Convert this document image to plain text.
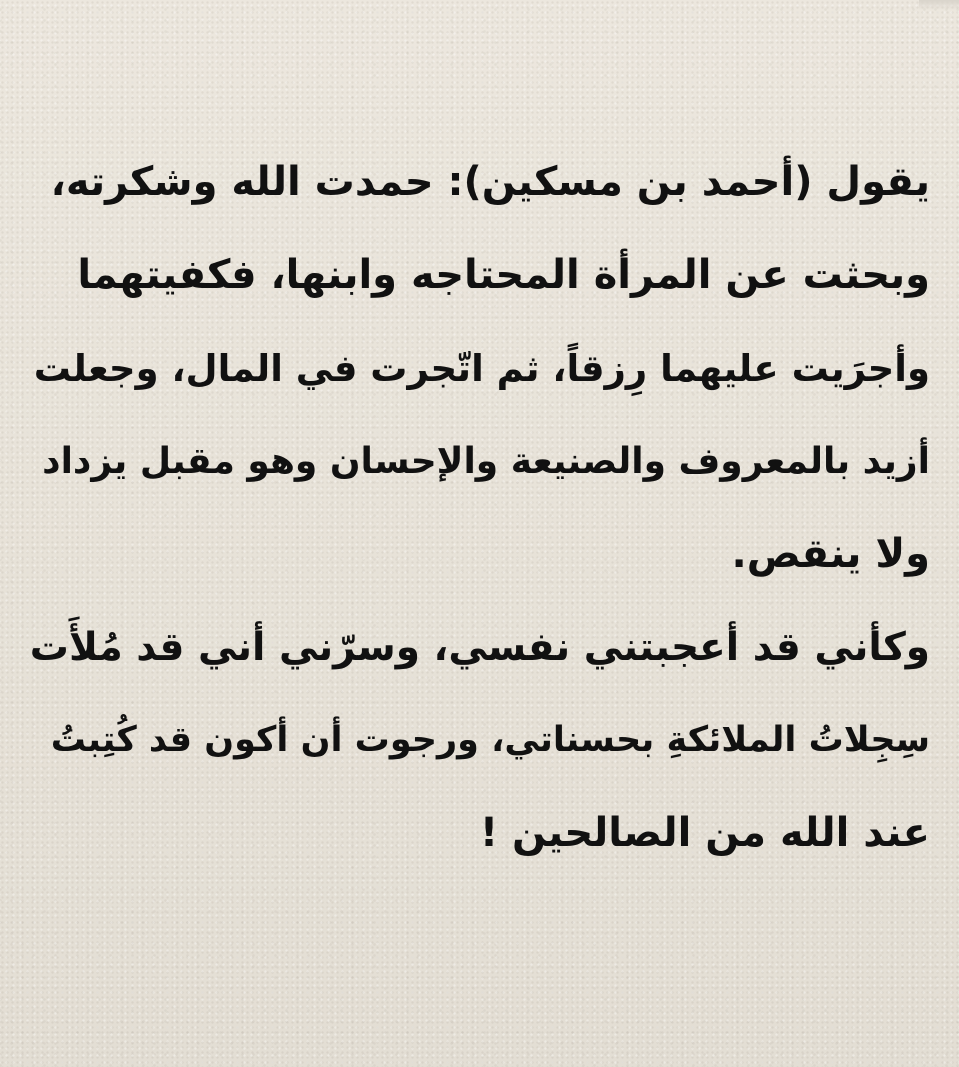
يقول (أحمد بن مسكين): حمدت الله وشكرته،
وبحثت عن المرأة المحتاجه وابنها، فكفيتهما
وأجرَيت عليهما رِزقاً، ثم اتّجرت في المال، وجعلت
أزيد بالمعروف والصنيعة والإحسان وهو مقبل يزداد
ولا ينقص.
وكأني قد أعجبتني نفسي، وسرّني أني قد مُلأَت
سِجِلاتُ الملائكةِ بحسناتي، ورجوت أن أكون قد كُتِبتُ
عند الله من الصالحين !
